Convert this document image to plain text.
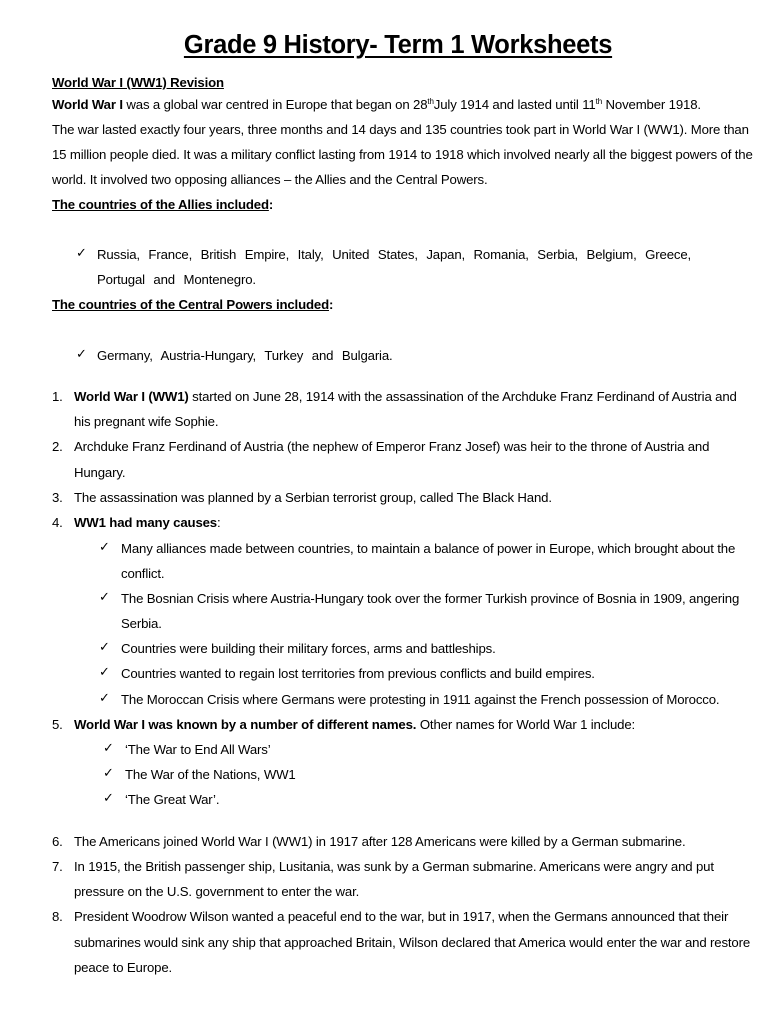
Grade 9 History- Term 1 Worksheets
World War I (WW1) Revision
World War I was a global war centred in Europe that began on 28thJuly 1914 and lasted until 11th November 1918.
The war lasted exactly four years, three months and 14 days and 135 countries took part in World War I (WW1). More than
15 million people died. It was a military conflict lasting from 1914 to 1918 which involved nearly all the biggest powers of the
world. It involved two opposing alliances – the Allies and the Central Powers.
The countries of the Allies included:
✓ Russia, France, British Empire, Italy, United States, Japan, Romania, Serbia, Belgium, Greece,
Portugal and Montenegro.
The countries of the Central Powers included:
✓ Germany, Austria-Hungary, Turkey and Bulgaria.
1. World War I (WW1) started on June 28, 1914 with the assassination of the Archduke Franz Ferdinand of Austria and
his pregnant wife Sophie.
2. Archduke Franz Ferdinand of Austria (the nephew of Emperor Franz Josef) was heir to the throne of Austria and
Hungary.
3. The assassination was planned by a Serbian terrorist group, called The Black Hand.
4. WW1 had many causes:
✓ Many alliances made between countries, to maintain a balance of power in Europe, which brought about the
conflict.
✓ The Bosnian Crisis where Austria-Hungary took over the former Turkish province of Bosnia in 1909, angering
Serbia.
✓ Countries were building their military forces, arms and battleships.
✓ Countries wanted to regain lost territories from previous conflicts and build empires.
✓ The Moroccan Crisis where Germans were protesting in 1911 against the French possession of Morocco.
5. World War I was known by a number of different names. Other names for World War 1 include:
✓ ‘The War to End All Wars’
✓ The War of the Nations, WW1
✓ ‘The Great War’.
6. The Americans joined World War I (WW1) in 1917 after 128 Americans were killed by a German submarine.
7. In 1915, the British passenger ship, Lusitania, was sunk by a German submarine. Americans were angry and put
pressure on the U.S. government to enter the war.
8. President Woodrow Wilson wanted a peaceful end to the war, but in 1917, when the Germans announced that their
submarines would sink any ship that approached Britain, Wilson declared that America would enter the war and restore
peace to Europe.
